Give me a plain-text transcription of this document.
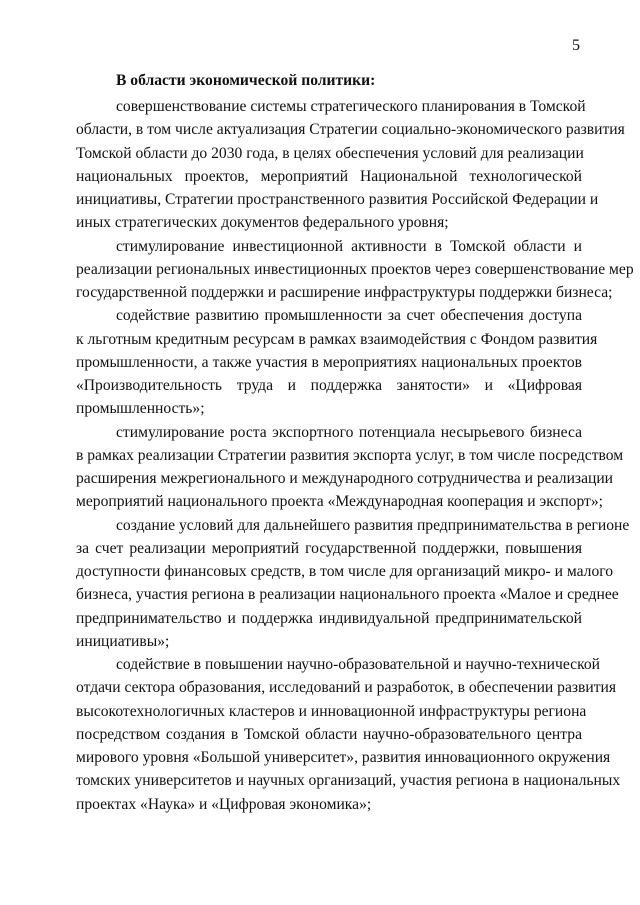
5
В области экономической политики:
совершенствование системы стратегического планирования в Томской
области, в том числе актуализация Стратегии социально-экономического развития
Томской области до 2030 года, в целях обеспечения условий для реализации
национальных проектов, мероприятий Национальной технологической
инициативы, Стратегии пространственного развития Российской Федерации и
иных стратегических документов федерального уровня;
стимулирование инвестиционной активности в Томской области и
реализации региональных инвестиционных проектов через совершенствование мер
государственной поддержки и расширение инфраструктуры поддержки бизнеса;
содействие развитию промышленности за счет обеспечения доступа
к льготным кредитным ресурсам в рамках взаимодействия с Фондом развития
промышленности, а также участия в мероприятиях национальных проектов
«Производительность труда и поддержка занятости» и «Цифровая
промышленность»;
стимулирование роста экспортного потенциала несырьевого бизнеса
в рамках реализации Стратегии развития экспорта услуг, в том числе посредством
расширения межрегионального и международного сотрудничества и реализации
мероприятий национального проекта «Международная кооперация и экспорт»;
создание условий для дальнейшего развития предпринимательства в регионе
за счет реализации мероприятий государственной поддержки, повышения
доступности финансовых средств, в том числе для организаций микро- и малого
бизнеса, участия региона в реализации национального проекта «Малое и среднее
предпринимательство и поддержка индивидуальной предпринимательской
инициативы»;
содействие в повышении научно-образовательной и научно-технической
отдачи сектора образования, исследований и разработок, в обеспечении развития
высокотехнологичных кластеров и инновационной инфраструктуры региона
посредством создания в Томской области научно-образовательного центра
мирового уровня «Большой университет», развития инновационного окружения
томских университетов и научных организаций, участия региона в национальных
проектах «Наука» и «Цифровая экономика»;
